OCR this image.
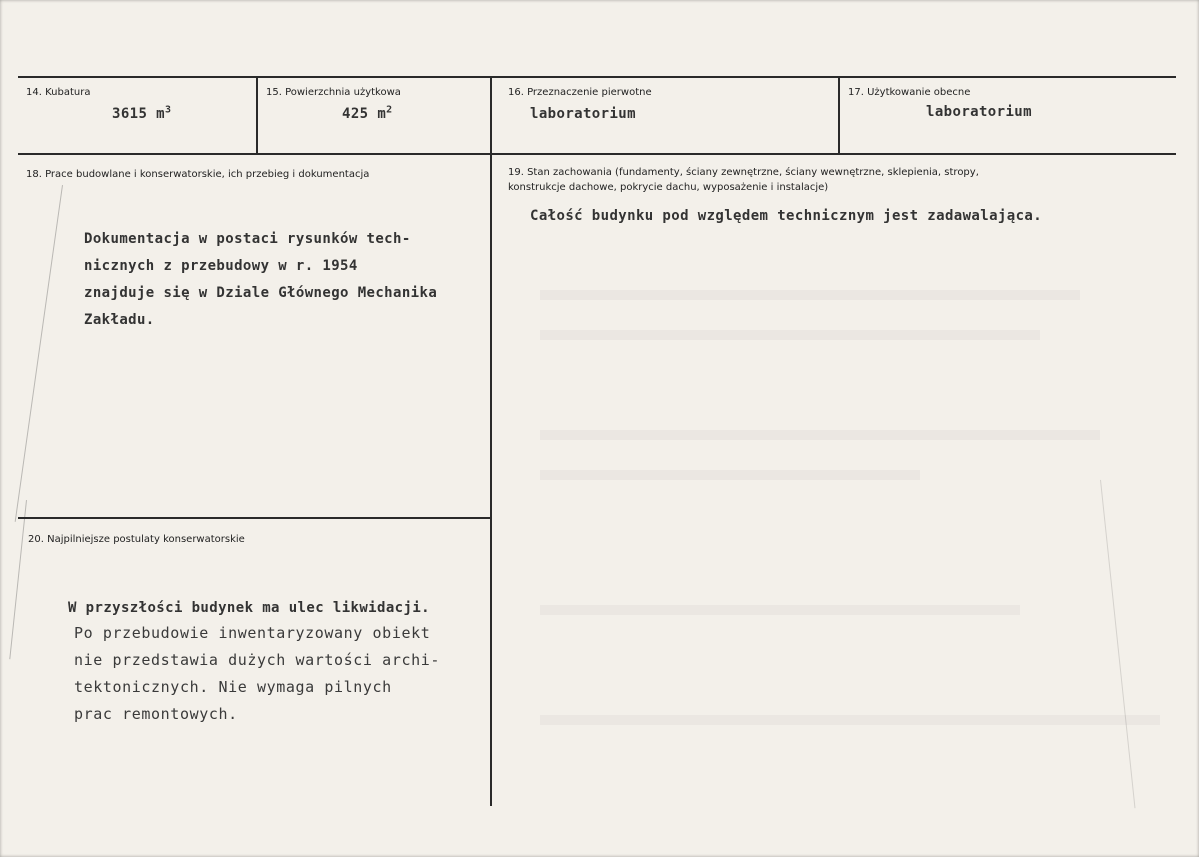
14. Kubatura
3615 $m^3$
15. Powierzchnia użytkowa
425 $m^2$
16. Przeznaczenie pierwotne
laboratorium
17. Użytkowanie obecne
laboratorium
18. Prace budowlane i konserwatorskie, ich przebieg i dokumentacja
Dokumentacja w postaci rysunków tech-
nicznych z przebudowy w r. 1954
znajduje się w Dziale Głównego Mechanika
Zakładu.
19. Stan zachowania (fundamenty, ściany zewnętrzne, ściany wewnętrzne, sklepienia, stropy,
konstrukcje dachowe, pokrycie dachu, wyposażenie i instalacje)
Całość budynku pod względem technicznym jest zadawalająca.
20. Najpilniejsze postulaty konserwatorskie
W przyszłości budynek ma ulec likwidacji.
Po przebudowie inwentaryzowany obiekt
nie przedstawia dużych wartości archi-
tektonicznych. Nie wymaga pilnych
prac remontowych.
